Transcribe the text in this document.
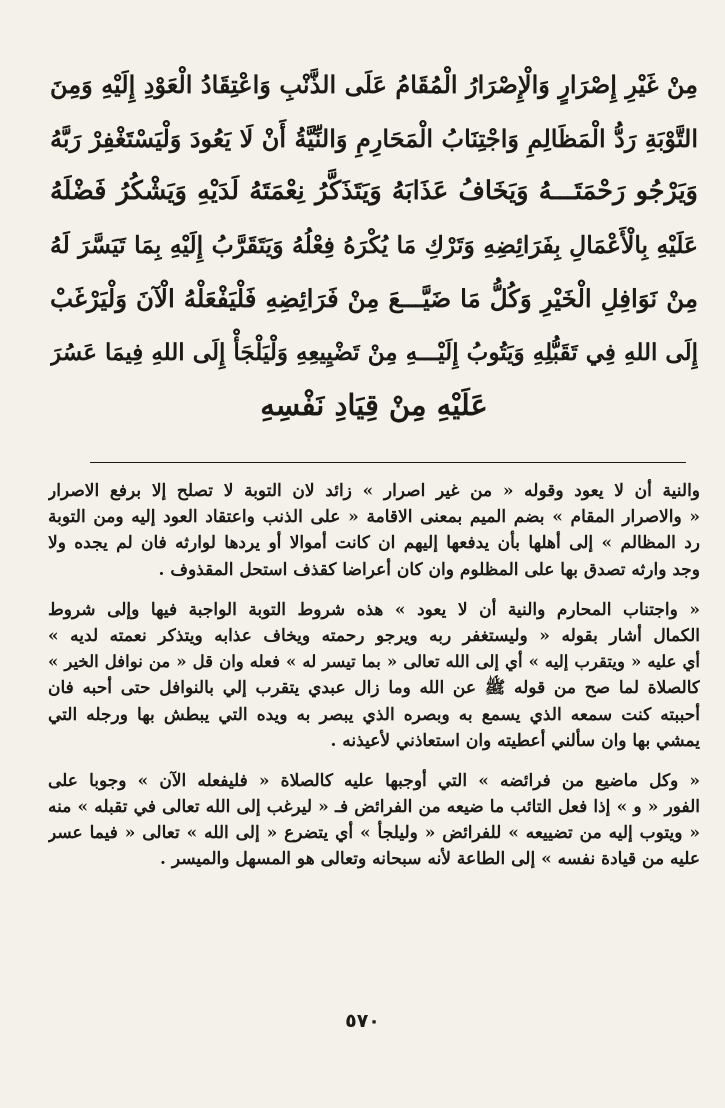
مِنْ غَيْرِ إِصْرَارٍ وَالْإِصْرَارُ الْمُقَامُ عَلَى الذَّنْبِ وَاعْتِقَادُ الْعَوْدِ إِلَيْهِ وَمِنَ
التَّوْبَةِ رَدُّ الْمَظَالِمِ وَاجْتِنَابُ الْمَحَارِمِ وَالنِّيَّةُ أَنْ لَا يَعُودَ وَلْيَسْتَغْفِرْ رَبَّهُ
وَيَرْجُو رَحْمَتَـــهُ وَيَخَافُ عَذَابَهُ وَيَتَذَكَّرُ نِعْمَتَهُ لَدَيْهِ وَيَشْكُرُ فَضْلَهُ
عَلَيْهِ بِالْأَعْمَالِ بِفَرَائِضِهِ وَتَرْكِ مَا يُكْرَهُ فِعْلُهُ وَيَتَقَرَّبُ إِلَيْهِ بِمَا تَيَسَّرَ لَهُ
مِنْ نَوَافِلِ الْخَيْرِ وَكُلُّ مَا ضَيَّـــعَ مِنْ فَرَائِضِهِ فَلْيَفْعَلْهُ الْآنَ وَلْيَرْغَبْ
إِلَى اللهِ فِي تَقَبُّلِهِ وَيَتُوبُ إِلَيْـــهِ مِنْ تَضْيِيعِهِ وَلْيَلْجَأْ إِلَى اللهِ فِيمَا عَسُرَ
عَلَيْهِ مِنْ قِيَادِ نَفْسِهِ
والنية أن لا يعود وقوله « من غير اصرار » زائد لان التوبة لا تصلح إلا برفع الاصرار
« والاصرار المقام » بضم الميم بمعنى الاقامة « على الذنب واعتقاد العود إليه ومن التوبة
رد المظالم » إلى أهلها بأن يدفعها إليهم ان كانت أموالا أو يردها لوارثه فان لم يجده ولا
وجد وارثه تصدق بها على المظلوم وان كان أعراضا كقذف استحل المقذوف .
« واجتناب المحارم والنية أن لا يعود » هذه شروط التوبة الواجبة فيها وإلى شروط
الكمال أشار بقوله « وليستغفر ربه ويرجو رحمته ويخاف عذابه ويتذكر نعمته لديه »
أي عليه « ويتقرب إليه » أي إلى الله تعالى « بما تيسر له » فعله وان قل « من نوافل الخير »
كالصلاة لما صح من قوله ﷺ عن الله وما زال عبدي يتقرب إلي بالنوافل حتى أحبه فان
أحببته كنت سمعه الذي يسمع به وبصره الذي يبصر به ويده التي يبطش بها ورجله التي
يمشي بها وان سألني أعطيته وان استعاذني لأعيذنه .
« وكل ماضيع من فرائضه » التي أوجبها عليه كالصلاة « فليفعله الآن » وجوبا على
الفور « و » إذا فعل التائب ما ضيعه من الفرائض فـ « ليرغب إلى الله تعالى في تقبله » منه
« ويتوب إليه من تضييعه » للفرائض « وليلجأ » أي يتضرع « إلى الله » تعالى « فيما عسر
عليه من قيادة نفسه » إلى الطاعة لأنه سبحانه وتعالى هو المسهل والميسر .
٥٧٠
